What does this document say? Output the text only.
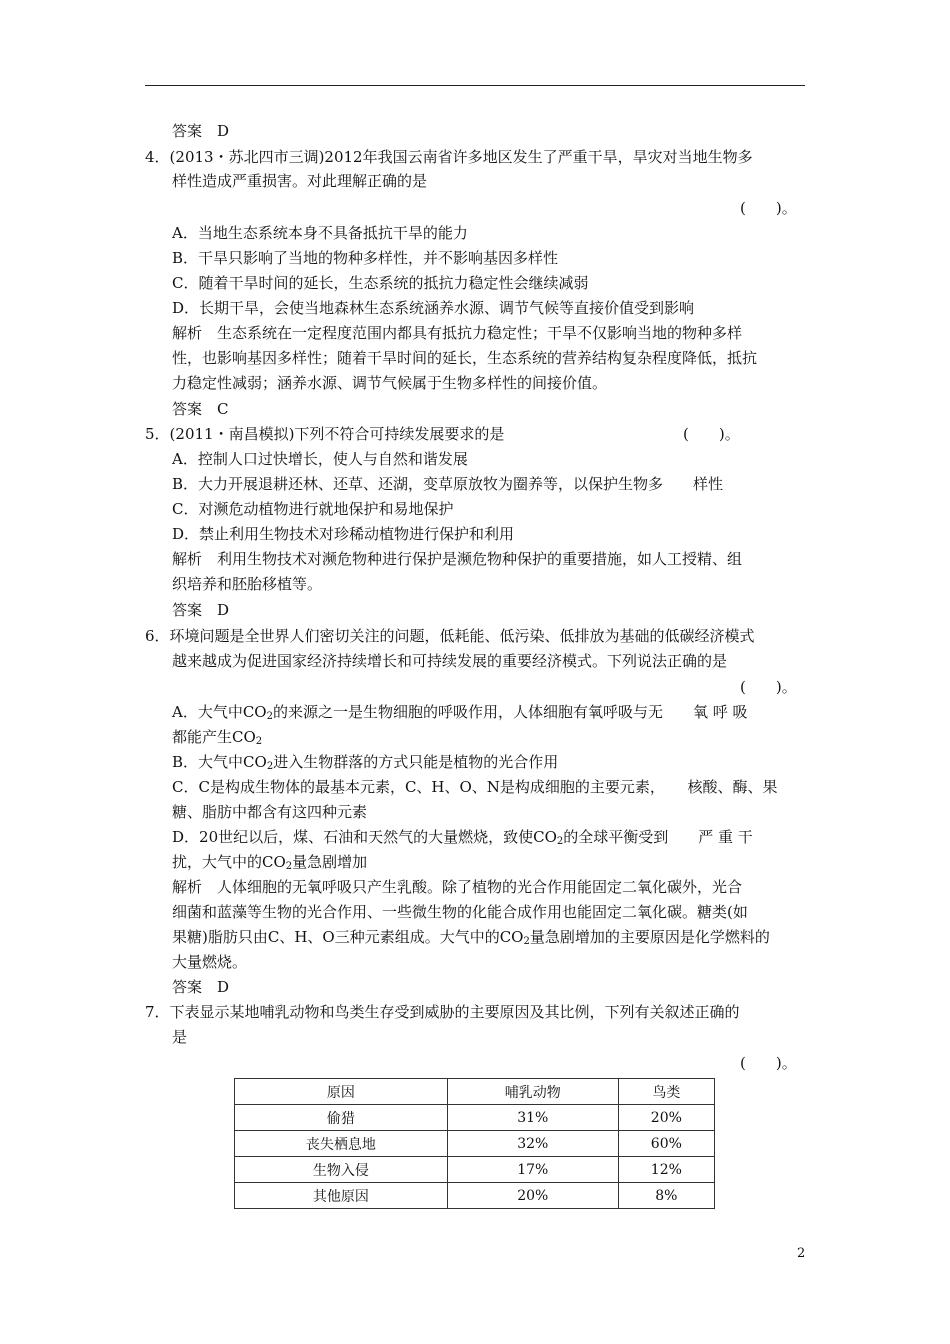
答案　D
4．(2013・苏北四市三调)2012年我国云南省许多地区发生了严重干旱，旱灾对当地生物多
样性造成严重损害。对此理解正确的是
(　　)。
A．当地生态系统本身不具备抵抗干旱的能力
B．干旱只影响了当地的物种多样性，并不影响基因多样性
C．随着干旱时间的延长，生态系统的抵抗力稳定性会继续减弱
D．长期干旱，会使当地森林生态系统涵养水源、调节气候等直接价值受到影响
解析　生态系统在一定程度范围内都具有抵抗力稳定性；干旱不仅影响当地的物种多样
性，也影响基因多样性；随着干旱时间的延长，生态系统的营养结构复杂程度降低，抵抗
力稳定性减弱；涵养水源、调节气候属于生物多样性的间接价值。
答案　C
5．(2011・南昌模拟)下列不符合可持续发展要求的是	(　　)。
A．控制人口过快增长，使人与自然和谐发展
B．大力开展退耕还林、还草、还湖，变草原放牧为圈养等，以保护生物多　　样性
C．对濒危动植物进行就地保护和易地保护
D．禁止利用生物技术对珍稀动植物进行保护和利用
解析　利用生物技术对濒危物种进行保护是濒危物种保护的重要措施，如人工授精、组
织培养和胚胎移植等。
答案　D
6．环境问题是全世界人们密切关注的问题，低耗能、低污染、低排放为基础的低碳经济模式
越来越成为促进国家经济持续增长和可持续发展的重要经济模式。下列说法正确的是
(　　)。
A．大气中$CO_2$的来源之一是生物细胞的呼吸作用，人体细胞有氧呼吸与无　　氧 呼 吸
都能产生$CO_2$
B．大气中$CO_2$进入生物群落的方式只能是植物的光合作用
C．C是构成生物体的最基本元素，C、H、O、N是构成细胞的主要元素，　　核酸、酶、果
糖、脂肪中都含有这四种元素
D．20世纪以后，煤、石油和天然气的大量燃烧，致使$CO_2$的全球平衡受到　　严 重 干
扰，大气中的$CO_2$量急剧增加
解析　人体细胞的无氧呼吸只产生乳酸。除了植物的光合作用能固定二氧化碳外，光合
细菌和蓝藻等生物的光合作用、一些微生物的化能合成作用也能固定二氧化碳。糖类(如
果糖)脂肪只由C、H、O三种元素组成。大气中的$CO_2$量急剧增加的主要原因是化学燃料的
大量燃烧。
答案　D
7．下表显示某地哺乳动物和鸟类生存受到威胁的主要原因及其比例，下列有关叙述正确的
是
(　　)。
原因	哺乳动物	鸟类
偷猎	31%	20%
丧失栖息地	32%	60%
生物入侵	17%	12%
其他原因	20%	8%
2
